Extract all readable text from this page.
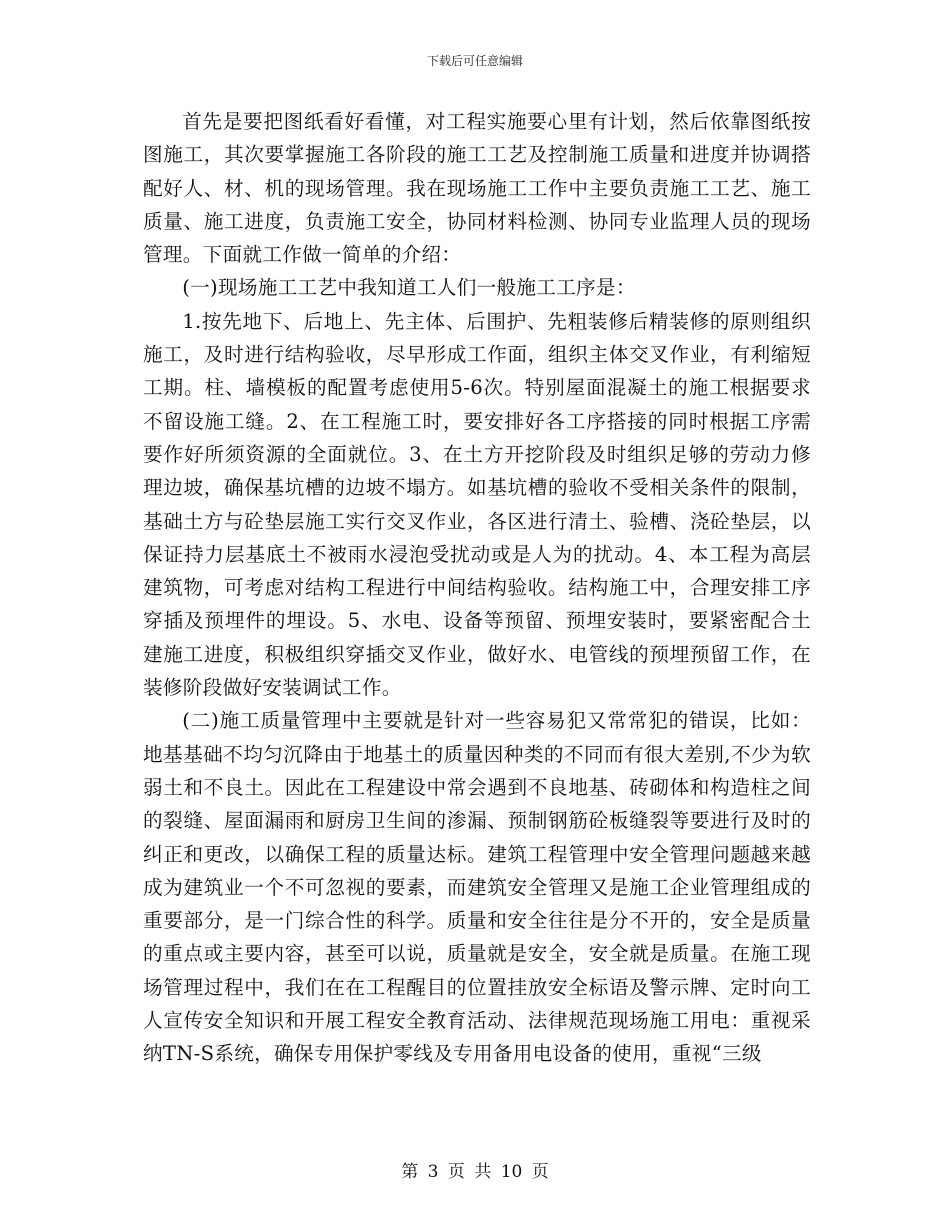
下载后可任意编辑

首先是要把图纸看好看懂，对工程实施要心里有计划，然后依靠图纸按图施工，其次要掌握施工各阶段的施工工艺及控制施工质量和进度并协调搭配好人、材、机的现场管理。我在现场施工工作中主要负责施工工艺、施工质量、施工进度，负责施工安全，协同材料检测、协同专业监理人员的现场管理。下面就工作做一简单的介绍：

(一)现场施工工艺中我知道工人们一般施工工序是：

1.按先地下、后地上、先主体、后围护、先粗装修后精装修的原则组织施工，及时进行结构验收，尽早形成工作面，组织主体交叉作业，有利缩短工期。柱、墙模板的配置考虑使用5-6次。特别屋面混凝土的施工根据要求不留设施工缝。2、在工程施工时，要安排好各工序搭接的同时根据工序需要作好所须资源的全面就位。3、在土方开挖阶段及时组织足够的劳动力修理边坡，确保基坑槽的边坡不塌方。如基坑槽的验收不受相关条件的限制，基础土方与砼垫层施工实行交叉作业，各区进行清土、验槽、浇砼垫层，以保证持力层基底土不被雨水浸泡受扰动或是人为的扰动。4、本工程为高层建筑物，可考虑对结构工程进行中间结构验收。结构施工中，合理安排工序穿插及预埋件的埋设。5、水电、设备等预留、预埋安装时，要紧密配合土建施工进度，积极组织穿插交叉作业，做好水、电管线的预埋预留工作，在装修阶段做好安装调试工作。

(二)施工质量管理中主要就是针对一些容易犯又常常犯的错误，比如：地基基础不均匀沉降由于地基土的质量因种类的不同而有很大差别,不少为软弱土和不良土。因此在工程建设中常会遇到不良地基、砖砌体和构造柱之间的裂缝、屋面漏雨和厨房卫生间的渗漏、预制钢筋砼板缝裂等要进行及时的纠正和更改，以确保工程的质量达标。建筑工程管理中安全管理问题越来越成为建筑业一个不可忽视的要素，而建筑安全管理又是施工企业管理组成的重要部分，是一门综合性的科学。质量和安全往往是分不开的，安全是质量的重点或主要内容，甚至可以说，质量就是安全，安全就是质量。在施工现场管理过程中，我们在在工程醒目的位置挂放安全标语及警示牌、定时向工人宣传安全知识和开展工程安全教育活动、法律规范现场施工用电：重视采纳TN-S系统，确保专用保护零线及专用备用电设备的使用，重视“三级

第 3 页 共 10 页
